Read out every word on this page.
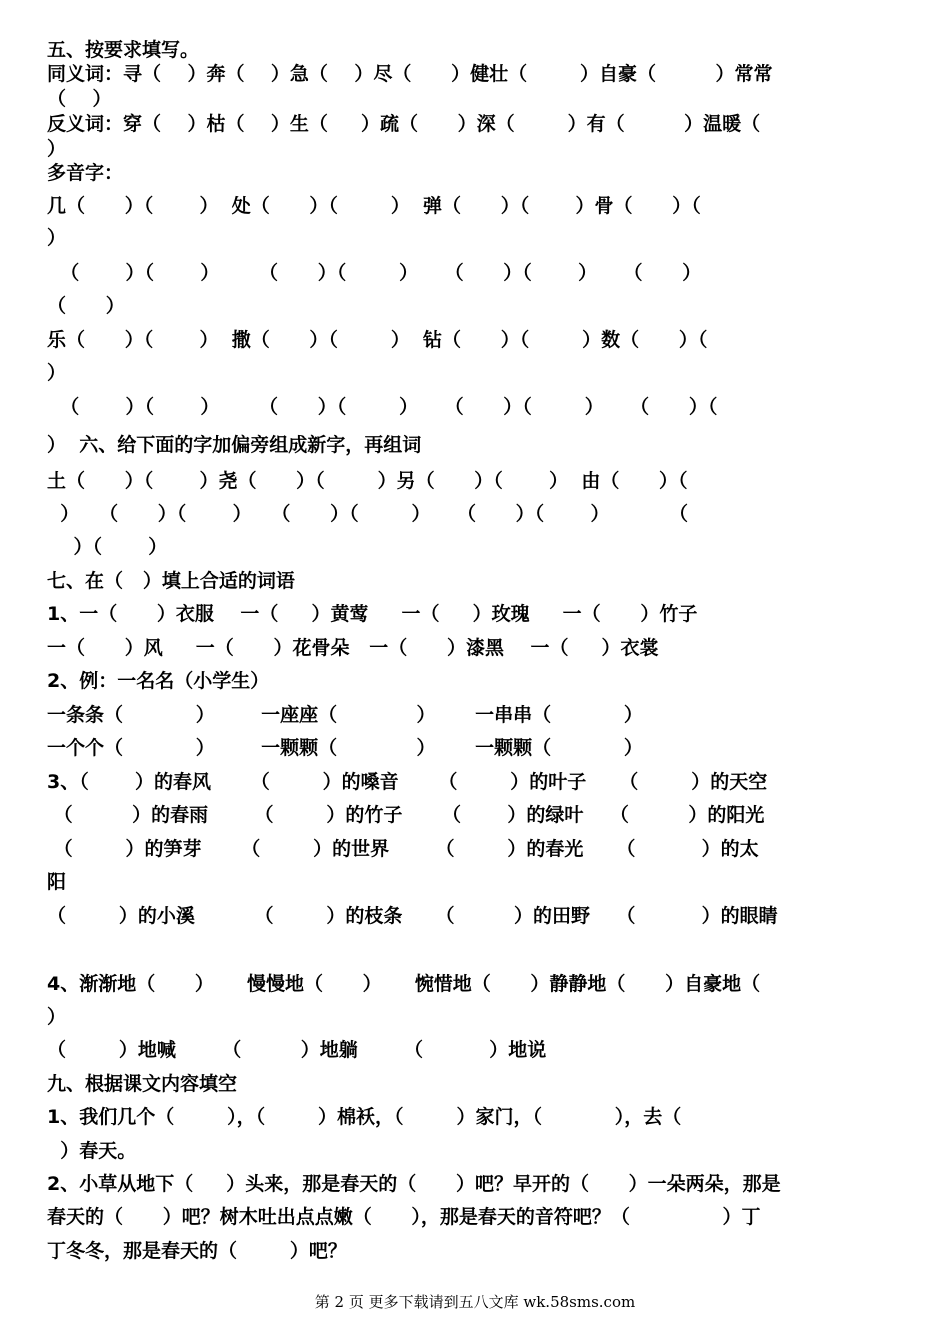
五、按要求填写。
同义词：寻（    ）奔（    ）急（    ）尽（      ）健壮（        ）自豪（         ）常常
（    ）
反义词：穿（    ）枯（    ）生（     ）疏（      ）深（        ）有（         ）温暖（
）
多音字：
几（      ）（       ）  处（      ）（        ）  弹（      ）（       ）骨（      ）（
）
（       ）（       ）      （      ）（        ）    （      ）（       ）    （      ）
（      ）
乐（      ）（       ）  撒（      ）（        ）  钻（      ）（        ）数（      ）（
）
（       ）（       ）      （      ）（        ）    （      ）（        ）    （      ）（
）  六、给下面的字加偏旁组成新字，再组词
土（      ）（       ）尧（      ）（        ）另（      ）（       ）  由（      ）（
）   （      ）（       ）   （      ）（        ）    （      ）（       ）         （
）（       ）
七、在（   ）填上合适的词语
1、一（      ）衣服    一（     ）黄莺     一（     ）玫瑰     一（      ）竹子
一（      ）风     一（      ）花骨朵   一（      ）漆黑    一（     ）衣裳
2、例：一名名（小学生）
一条条（           ）       一座座（            ）      一串串（           ）
一个个（           ）       一颗颗（            ）      一颗颗（           ）
3、（       ）的春风      （        ）的嗓音      （        ）的叶子     （        ）的天空
（         ）的春雨       （        ）的竹子      （       ）的绿叶    （         ）的阳光
（        ）的笋芽      （        ）的世界       （        ）的春光     （          ）的太
阳
（        ）的小溪         （        ）的枝条     （         ）的田野    （          ）的眼睛
4、渐渐地（      ）     慢慢地（      ）     惋惜地（      ）静静地（      ）自豪地（
）
（        ）地喊       （         ）地躺       （          ）地说
九、根据课文内容填空
1、我们几个（        ），（        ）棉袄，（        ）家门，（           ），去（
）春天。
2、小草从地下（     ）头来，那是春天的（      ）吧？早开的（      ）一朵两朵，那是
春天的（      ）吧？树木吐出点点嫩（      ），那是春天的音符吧？（              ）丁
丁冬冬，那是春天的（        ）吧？
第 2 页 更多下载请到五八文库 wk.58sms.com
